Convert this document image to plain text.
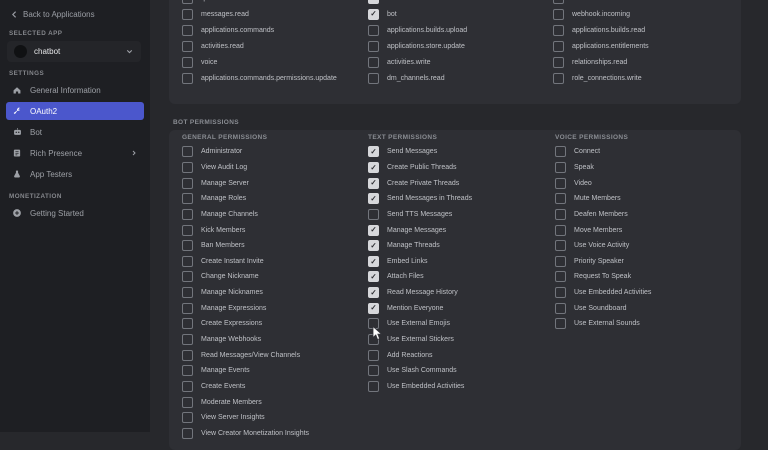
Back to Applications
SELECTED APP
chatbot
SETTINGS
General Information
OAuth2
Bot
Rich Presence
App Testers
MONETIZATION
Getting Started
messages.read
applications.commands
activities.read
voice
applications.commands.permissions.update
✓	bot
applications.builds.upload
applications.store.update
activities.write
dm_channels.read
webhook.incoming
applications.builds.read
applications.entitlements
relationships.read
role_connections.write
BOT PERMISSIONS
GENERAL PERMISSIONS
Administrator
View Audit Log
Manage Server
Manage Roles
Manage Channels
Kick Members
Ban Members
Create Instant Invite
Change Nickname
Manage Nicknames
Manage Expressions
Create Expressions
Manage Webhooks
Read Messages/View Channels
Manage Events
Create Events
Moderate Members
View Server Insights
View Creator Monetization Insights
TEXT PERMISSIONS
✓	Send Messages
✓	Create Public Threads
✓	Create Private Threads
✓	Send Messages in Threads
Send TTS Messages
✓	Manage Messages
✓	Manage Threads
✓	Embed Links
✓	Attach Files
✓	Read Message History
✓	Mention Everyone
Use External Emojis
Use External Stickers
Add Reactions
Use Slash Commands
Use Embedded Activities
VOICE PERMISSIONS
Connect
Speak
Video
Mute Members
Deafen Members
Move Members
Use Voice Activity
Priority Speaker
Request To Speak
Use Embedded Activities
Use Soundboard
Use External Sounds
